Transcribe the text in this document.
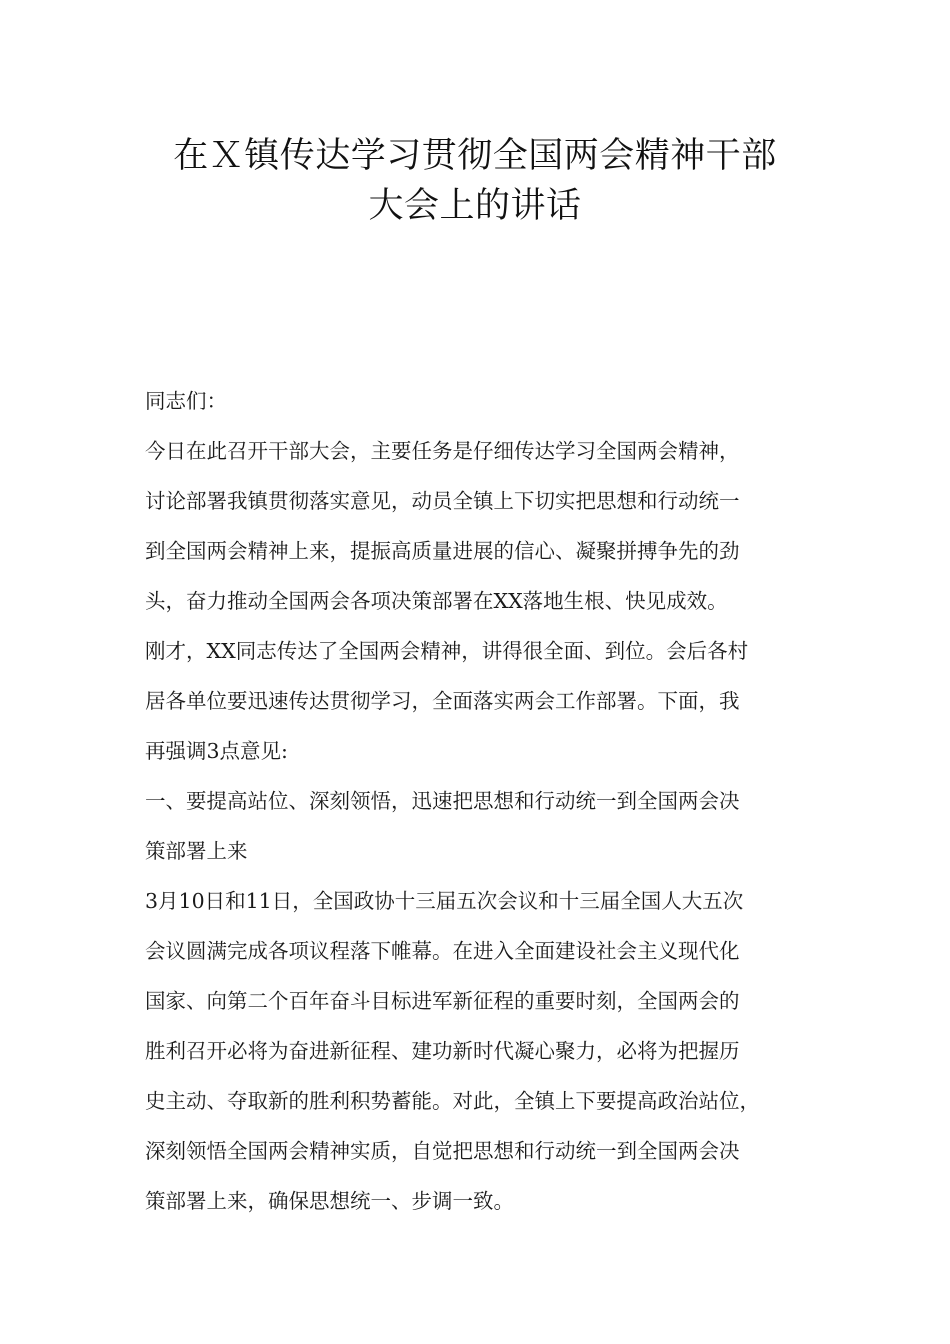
在Ｘ镇传达学习贯彻全国两会精神干部
大会上的讲话

同志们：

今日在此召开干部大会，主要任务是仔细传达学习全国两会精神，

讨论部署我镇贯彻落实意见，动员全镇上下切实把思想和行动统一

到全国两会精神上来，提振高质量进展的信心、凝聚拼搏争先的劲

头，奋力推动全国两会各项决策部署在XX落地生根、快见成效。

刚才，XX同志传达了全国两会精神，讲得很全面、到位。会后各村

居各单位要迅速传达贯彻学习，全面落实两会工作部署。下面，我

再强调3点意见:

一、要提高站位、深刻领悟，迅速把思想和行动统一到全国两会决

策部署上来

3月10日和11日，全国政协十三届五次会议和十三届全国人大五次

会议圆满完成各项议程落下帷幕。在进入全面建设社会主义现代化

国家、向第二个百年奋斗目标进军新征程的重要时刻，全国两会的

胜利召开必将为奋进新征程、建功新时代凝心聚力，必将为把握历

史主动、夺取新的胜利积势蓄能。对此，全镇上下要提高政治站位，

深刻领悟全国两会精神实质，自觉把思想和行动统一到全国两会决

策部署上来，确保思想统一、步调一致。
